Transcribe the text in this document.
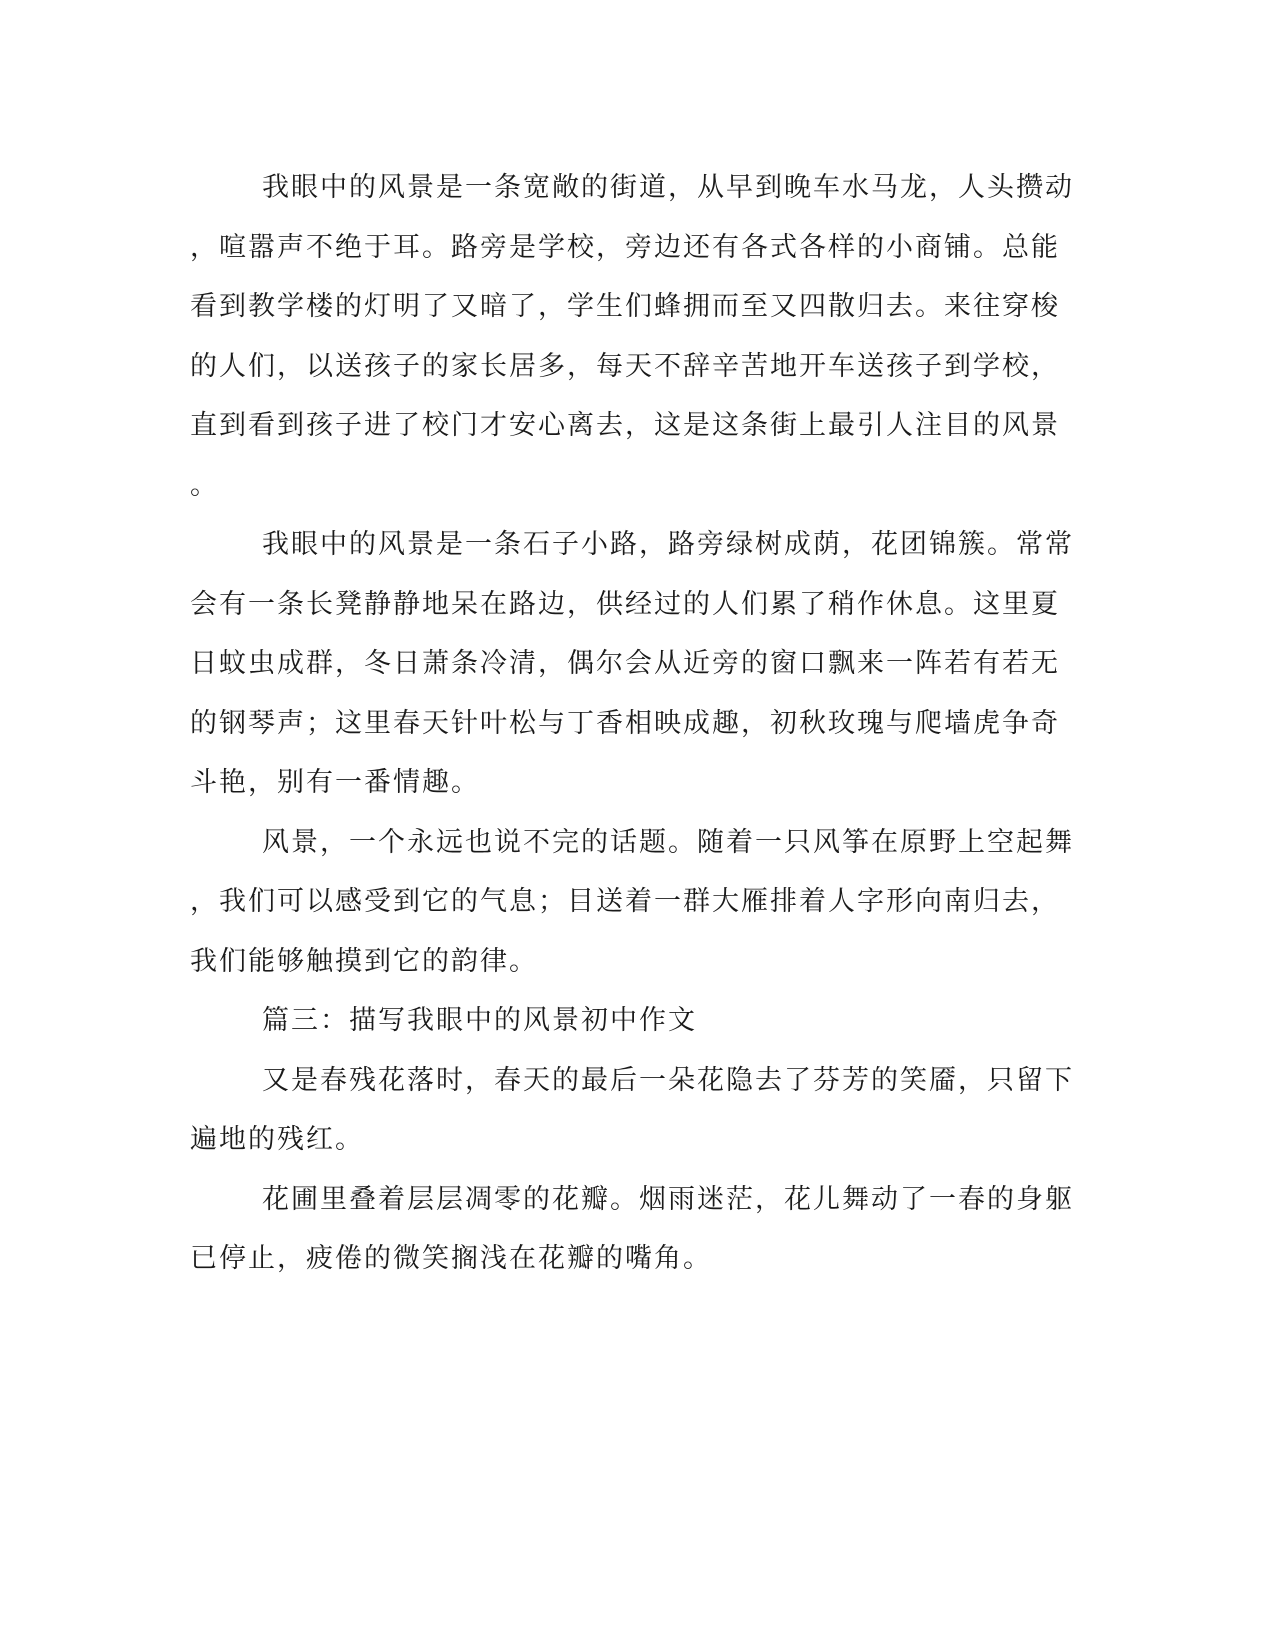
我眼中的风景是一条宽敞的街道，从早到晚车水马龙，人头攒动
，喧嚣声不绝于耳。路旁是学校，旁边还有各式各样的小商铺。总能
看到教学楼的灯明了又暗了，学生们蜂拥而至又四散归去。来往穿梭
的人们，以送孩子的家长居多，每天不辞辛苦地开车送孩子到学校，
直到看到孩子进了校门才安心离去，这是这条街上最引人注目的风景
。
我眼中的风景是一条石子小路，路旁绿树成荫，花团锦簇。常常
会有一条长凳静静地呆在路边，供经过的人们累了稍作休息。这里夏
日蚊虫成群，冬日萧条冷清，偶尔会从近旁的窗口飘来一阵若有若无
的钢琴声；这里春天针叶松与丁香相映成趣，初秋玫瑰与爬墙虎争奇
斗艳，别有一番情趣。
风景，一个永远也说不完的话题。随着一只风筝在原野上空起舞
，我们可以感受到它的气息；目送着一群大雁排着人字形向南归去，
我们能够触摸到它的韵律。
篇三：描写我眼中的风景初中作文
又是春残花落时，春天的最后一朵花隐去了芬芳的笑靥，只留下
遍地的残红。
花圃里叠着层层凋零的花瓣。烟雨迷茫，花儿舞动了一春的身躯
已停止，疲倦的微笑搁浅在花瓣的嘴角。
